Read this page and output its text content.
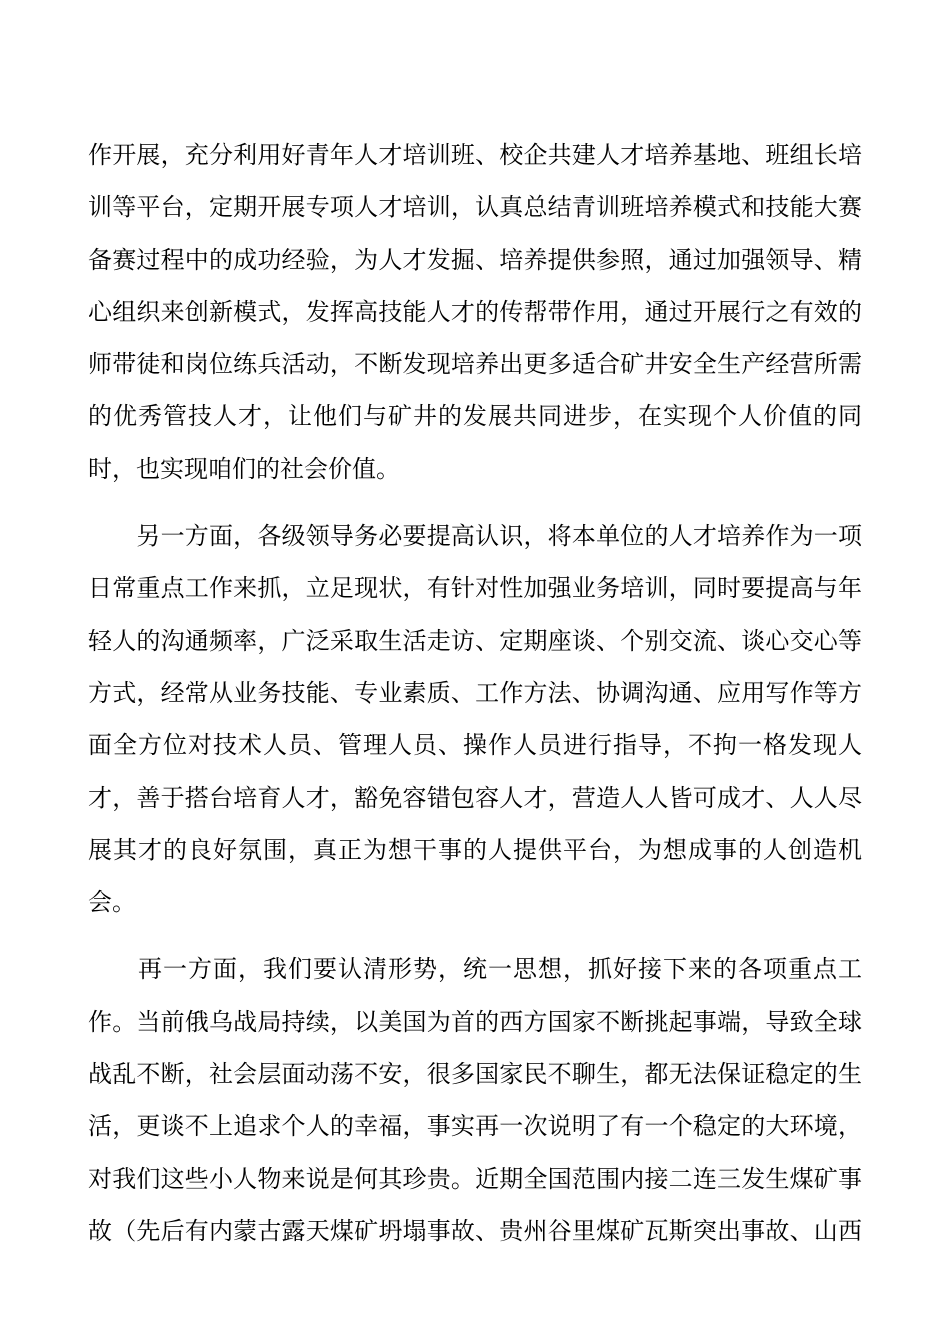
作开展，充分利用好青年人才培训班、校企共建人才培养基地、班组长培
训等平台，定期开展专项人才培训，认真总结青训班培养模式和技能大赛
备赛过程中的成功经验，为人才发掘、培养提供参照，通过加强领导、精
心组织来创新模式，发挥高技能人才的传帮带作用，通过开展行之有效的
师带徒和岗位练兵活动，不断发现培养出更多适合矿井安全生产经营所需
的优秀管技人才，让他们与矿井的发展共同进步，在实现个人价值的同
时，也实现咱们的社会价值。
　　另一方面，各级领导务必要提高认识，将本单位的人才培养作为一项
日常重点工作来抓，立足现状，有针对性加强业务培训，同时要提高与年
轻人的沟通频率，广泛采取生活走访、定期座谈、个别交流、谈心交心等
方式，经常从业务技能、专业素质、工作方法、协调沟通、应用写作等方
面全方位对技术人员、管理人员、操作人员进行指导，不拘一格发现人
才，善于搭台培育人才，豁免容错包容人才，营造人人皆可成才、人人尽
展其才的良好氛围，真正为想干事的人提供平台，为想成事的人创造机
会。
　　再一方面，我们要认清形势，统一思想，抓好接下来的各项重点工
作。当前俄乌战局持续，以美国为首的西方国家不断挑起事端，导致全球
战乱不断，社会层面动荡不安，很多国家民不聊生，都无法保证稳定的生
活，更谈不上追求个人的幸福，事实再一次说明了有一个稳定的大环境，
对我们这些小人物来说是何其珍贵。近期全国范围内接二连三发生煤矿事
故（先后有内蒙古露天煤矿坍塌事故、贵州谷里煤矿瓦斯突出事故、山西
